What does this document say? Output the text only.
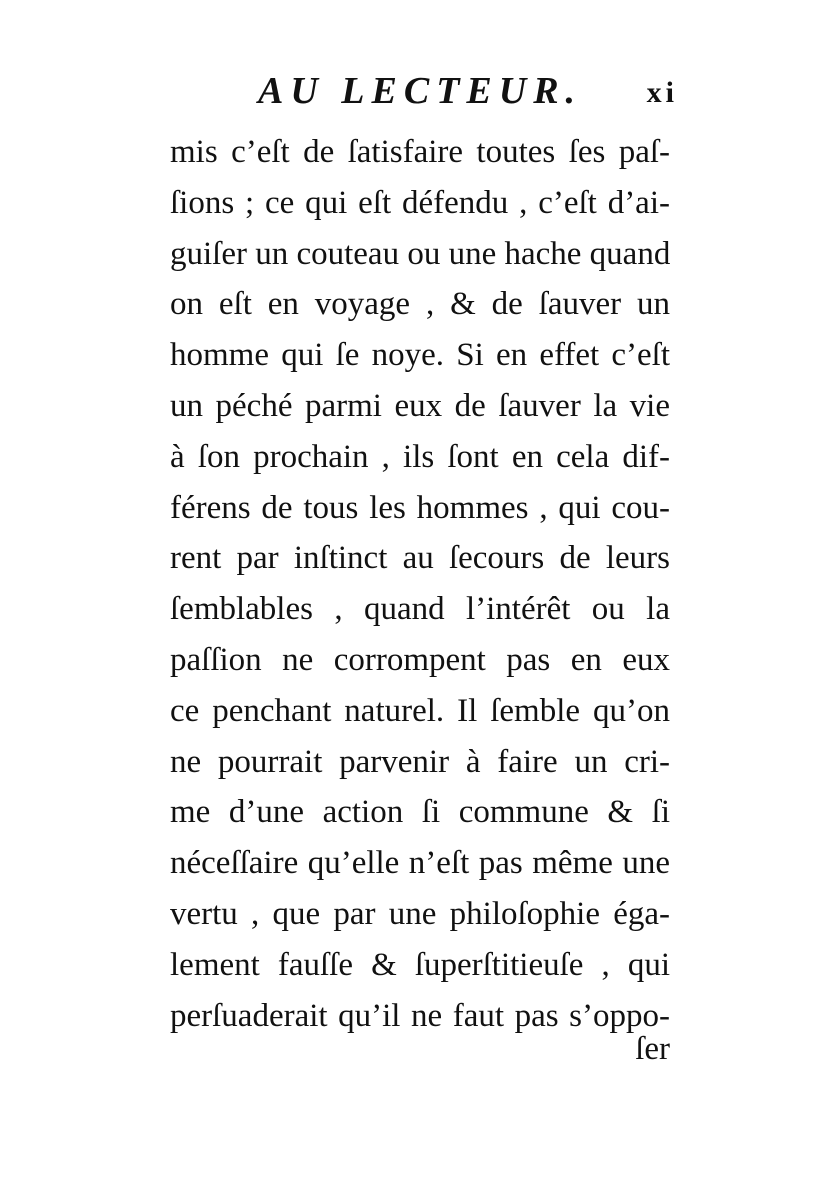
AU LECTEUR. xi
mis c’eſt de ſatisfaire toutes ſes paſ-
ſions ; ce qui eſt défendu , c’eſt d’ai-
guiſer un couteau ou une hache quand
on eſt en voyage , & de ſauver un
homme qui ſe noye. Si en effet c’eſt
un péché parmi eux de ſauver la vie
à ſon prochain , ils ſont en cela dif-
férens de tous les hommes , qui cou-
rent par inſtinct au ſecours de leurs
ſemblables , quand l’intérêt ou la
paſſion ne corrompent pas en eux
ce penchant naturel. Il ſemble qu’on
ne pourrait parvenir à faire un cri-
me d’une action ſi commune & ſi
néceſſaire qu’elle n’eſt pas même une
vertu , que par une philoſophie éga-
lement fauſſe & ſuperſtitieuſe , qui
perſuaderait qu’il ne faut pas s’oppo-
ſer
